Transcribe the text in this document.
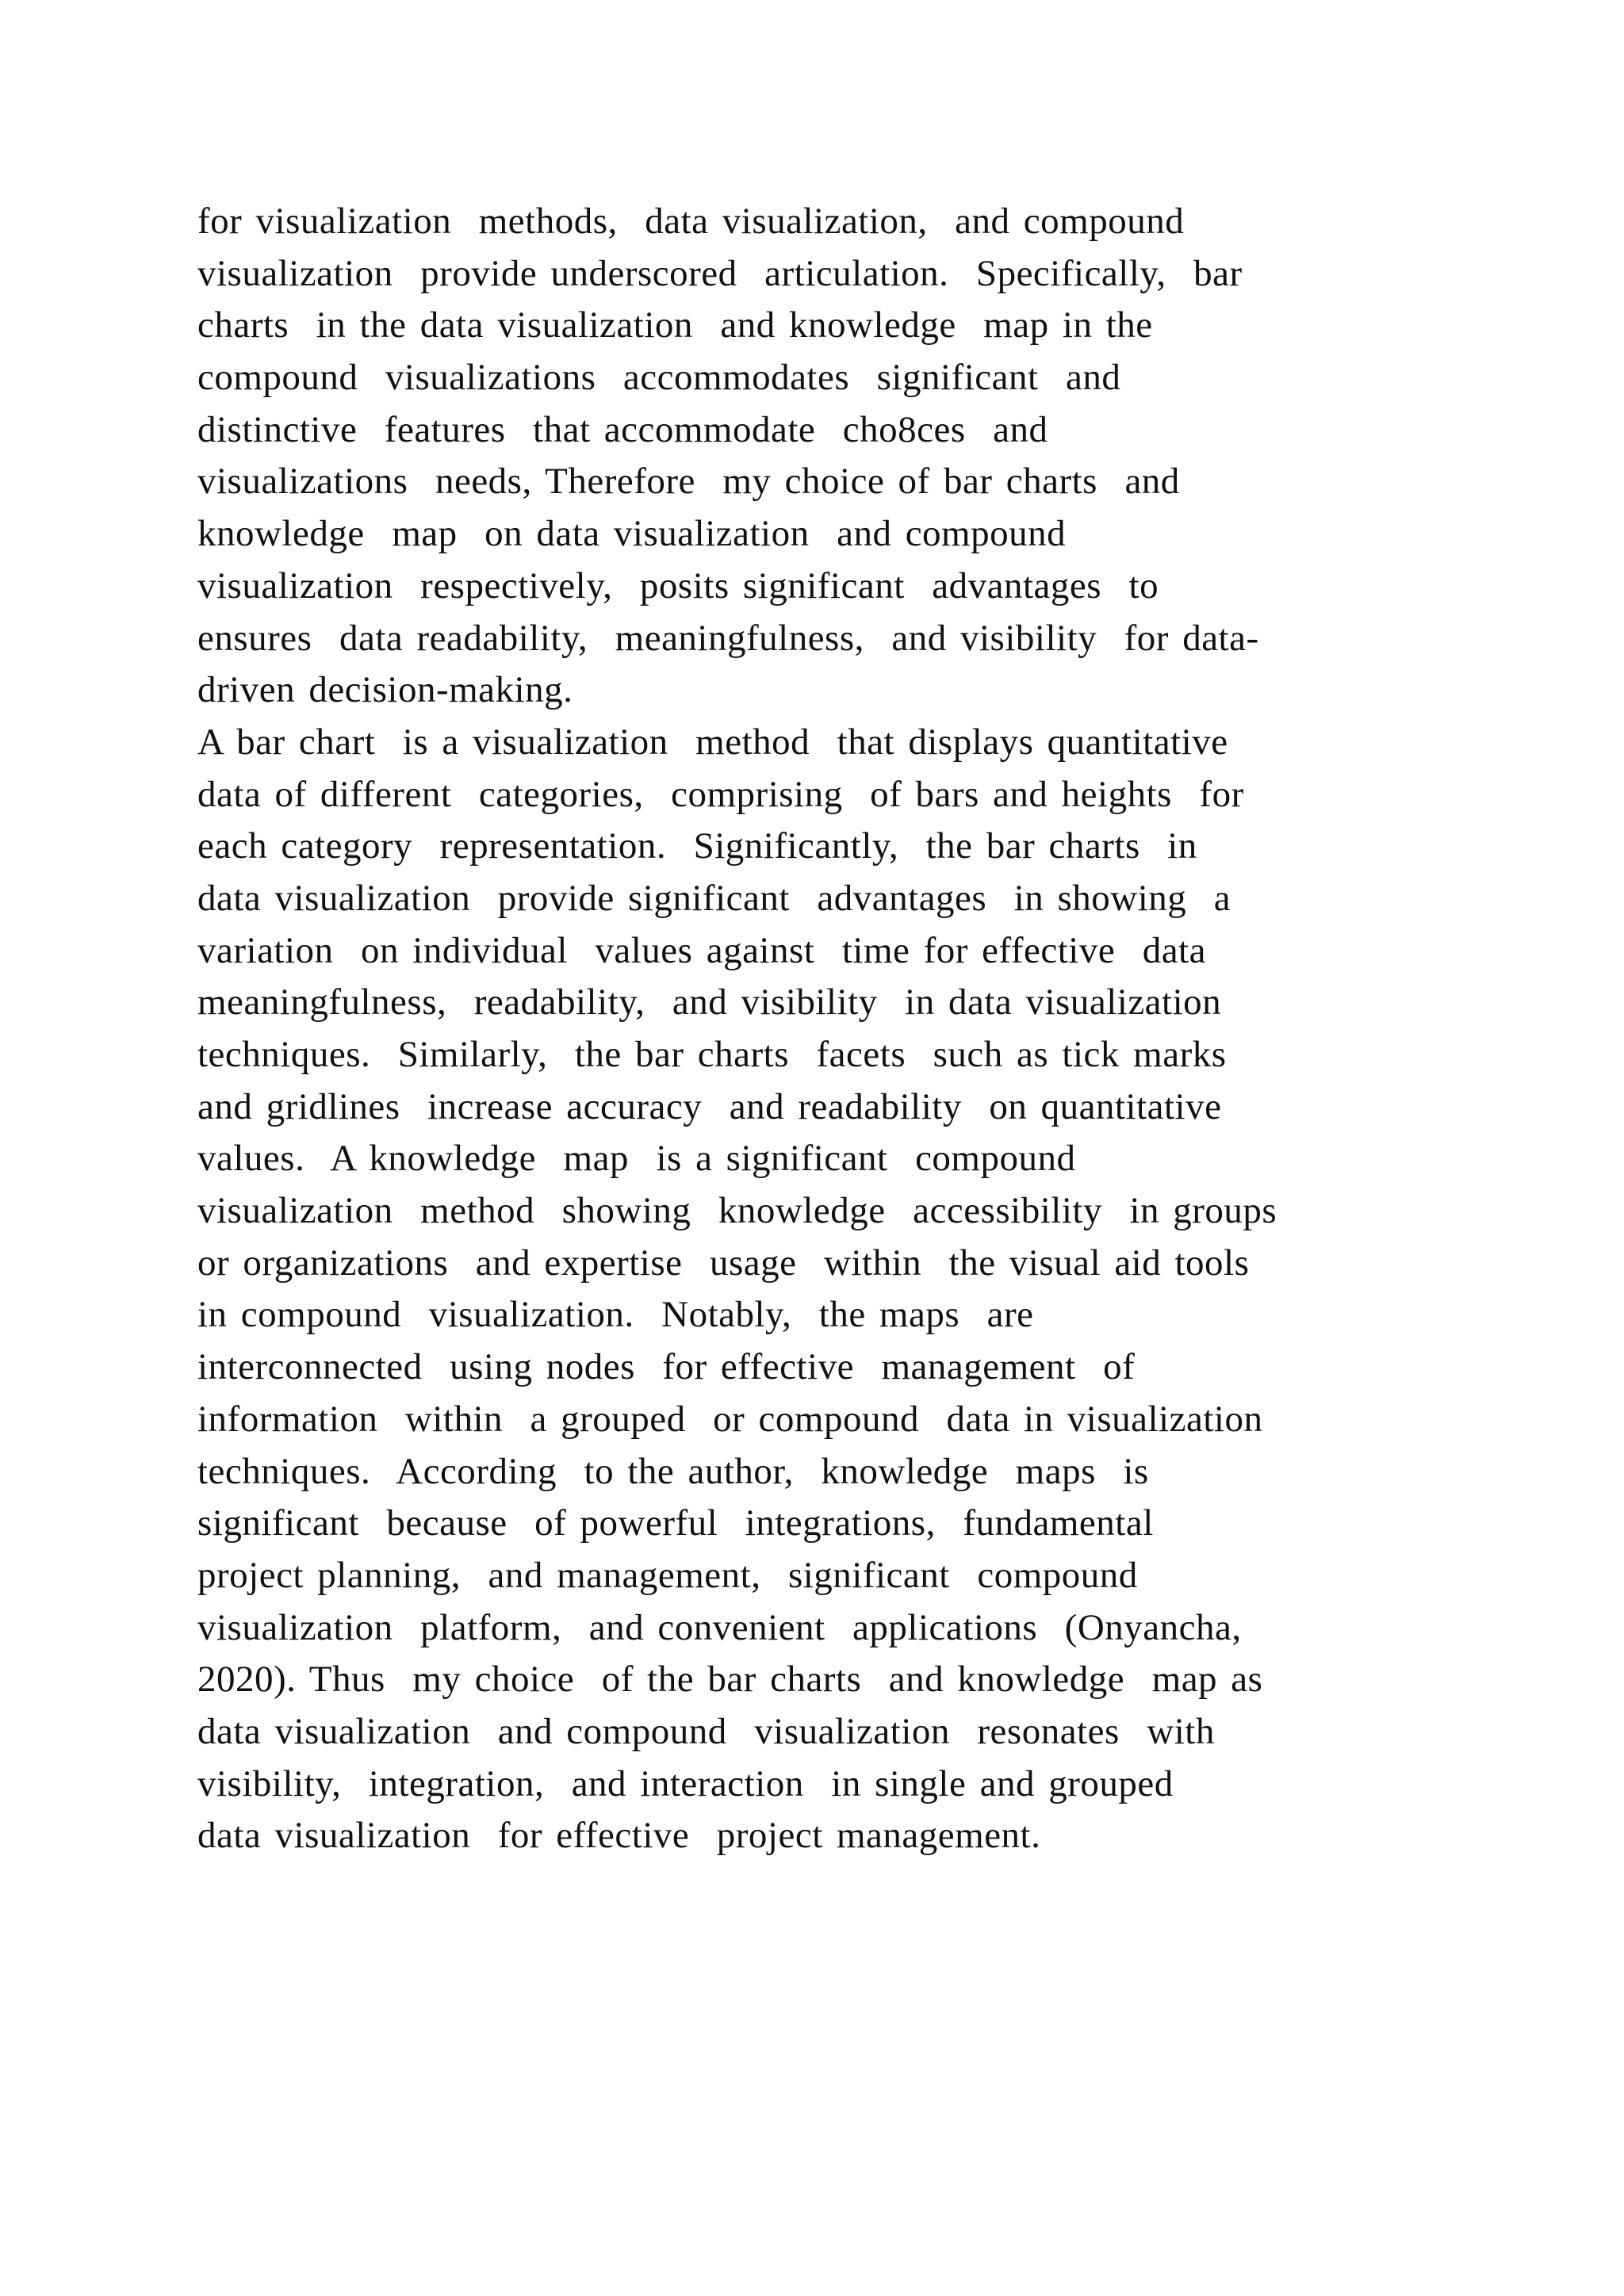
for visualization  methods,  data visualization,  and compound
visualization  provide underscored  articulation.  Specifically,  bar
charts  in the data visualization  and knowledge  map in the
compound  visualizations  accommodates  significant  and
distinctive  features  that accommodate  cho8ces  and
visualizations  needs, Therefore  my choice of bar charts  and
knowledge  map  on data visualization  and compound
visualization  respectively,  posits significant  advantages  to
ensures  data readability,  meaningfulness,  and visibility  for data-
driven decision-making.
A bar chart  is a visualization  method  that displays quantitative
data of different  categories,  comprising  of bars and heights  for
each category  representation.  Significantly,  the bar charts  in
data visualization  provide significant  advantages  in showing  a
variation  on individual  values against  time for effective  data
meaningfulness,  readability,  and visibility  in data visualization
techniques.  Similarly,  the bar charts  facets  such as tick marks
and gridlines  increase accuracy  and readability  on quantitative
values.  A knowledge  map  is a significant  compound
visualization  method  showing  knowledge  accessibility  in groups
or organizations  and expertise  usage  within  the visual aid tools
in compound  visualization.  Notably,  the maps  are
interconnected  using nodes  for effective  management  of
information  within  a grouped  or compound  data in visualization
techniques.  According  to the author,  knowledge  maps  is
significant  because  of powerful  integrations,  fundamental
project planning,  and management,  significant  compound
visualization  platform,  and convenient  applications  (Onyancha,
2020). Thus  my choice  of the bar charts  and knowledge  map as
data visualization  and compound  visualization  resonates  with
visibility,  integration,  and interaction  in single and grouped
data visualization  for effective  project management.
